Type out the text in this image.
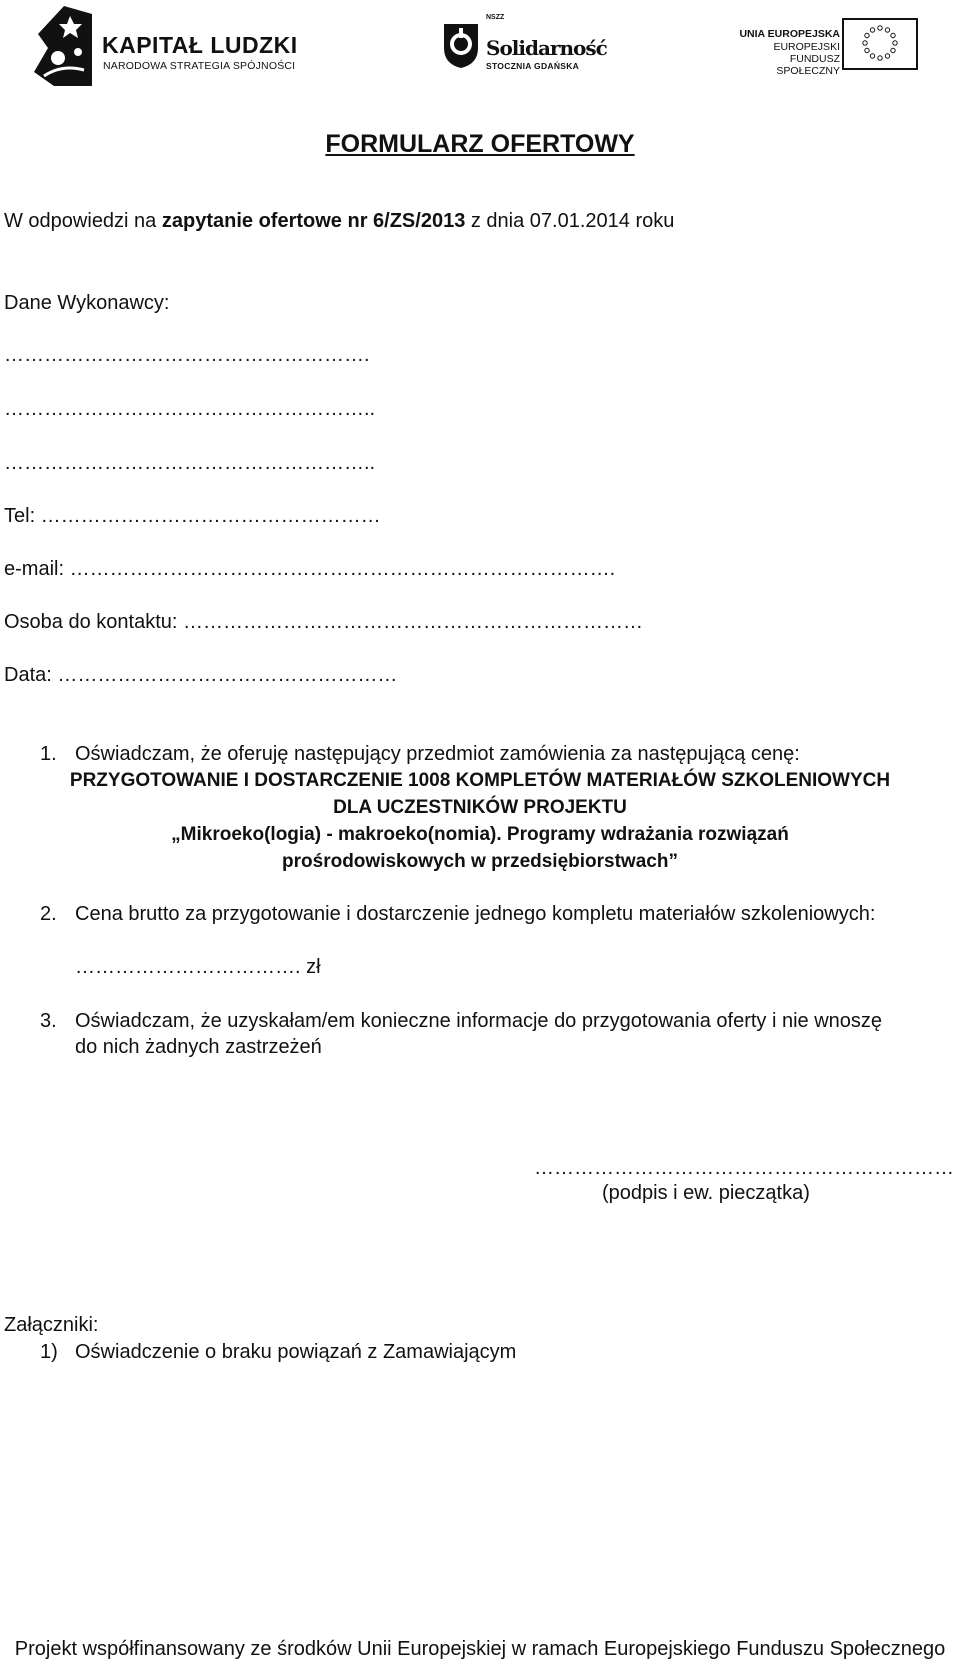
KAPITAŁ LUDZKI
NARODOWA STRATEGIA SPÓJNOŚCI
NSZZ
Solidarność
STOCZNIA GDAŃSKA
UNIA EUROPEJSKA
EUROPEJSKI
FUNDUSZ SPOŁECZNY
FORMULARZ OFERTOWY
W odpowiedzi na zapytanie ofertowe nr 6/ZS/2013 z dnia 07.01.2014 roku
Dane Wykonawcy:
……………………………………………….
………………………………………………..
………………………………………………..
Tel: ……………………………………………
e-mail: ……………………………………………………………………….
Osoba do kontaktu: ……………………………………………………………
Data: ……………………………………………
1. Oświadczam, że oferuję następujący przedmiot zamówienia za następującą cenę:
PRZYGOTOWANIE I DOSTARCZENIE 1008 KOMPLETÓW MATERIAŁÓW SZKOLENIOWYCH
DLA UCZESTNIKÓW PROJEKTU
„Mikroeko(logia) - makroeko(nomia). Programy wdrażania rozwiązań
prośrodowiskowych w przedsiębiorstwach”
2. Cena brutto za przygotowanie i dostarczenie jednego kompletu materiałów szkoleniowych:
……………………………. zł
3. Oświadczam, że uzyskałam/em konieczne informacje do przygotowania oferty i nie wnoszę
do nich żadnych zastrzeżeń
………………………………………………………
(podpis i ew. pieczątka)
Załączniki:
1) Oświadczenie o braku powiązań z Zamawiającym
Projekt współfinansowany ze środków Unii Europejskiej w ramach Europejskiego Funduszu Społecznego
